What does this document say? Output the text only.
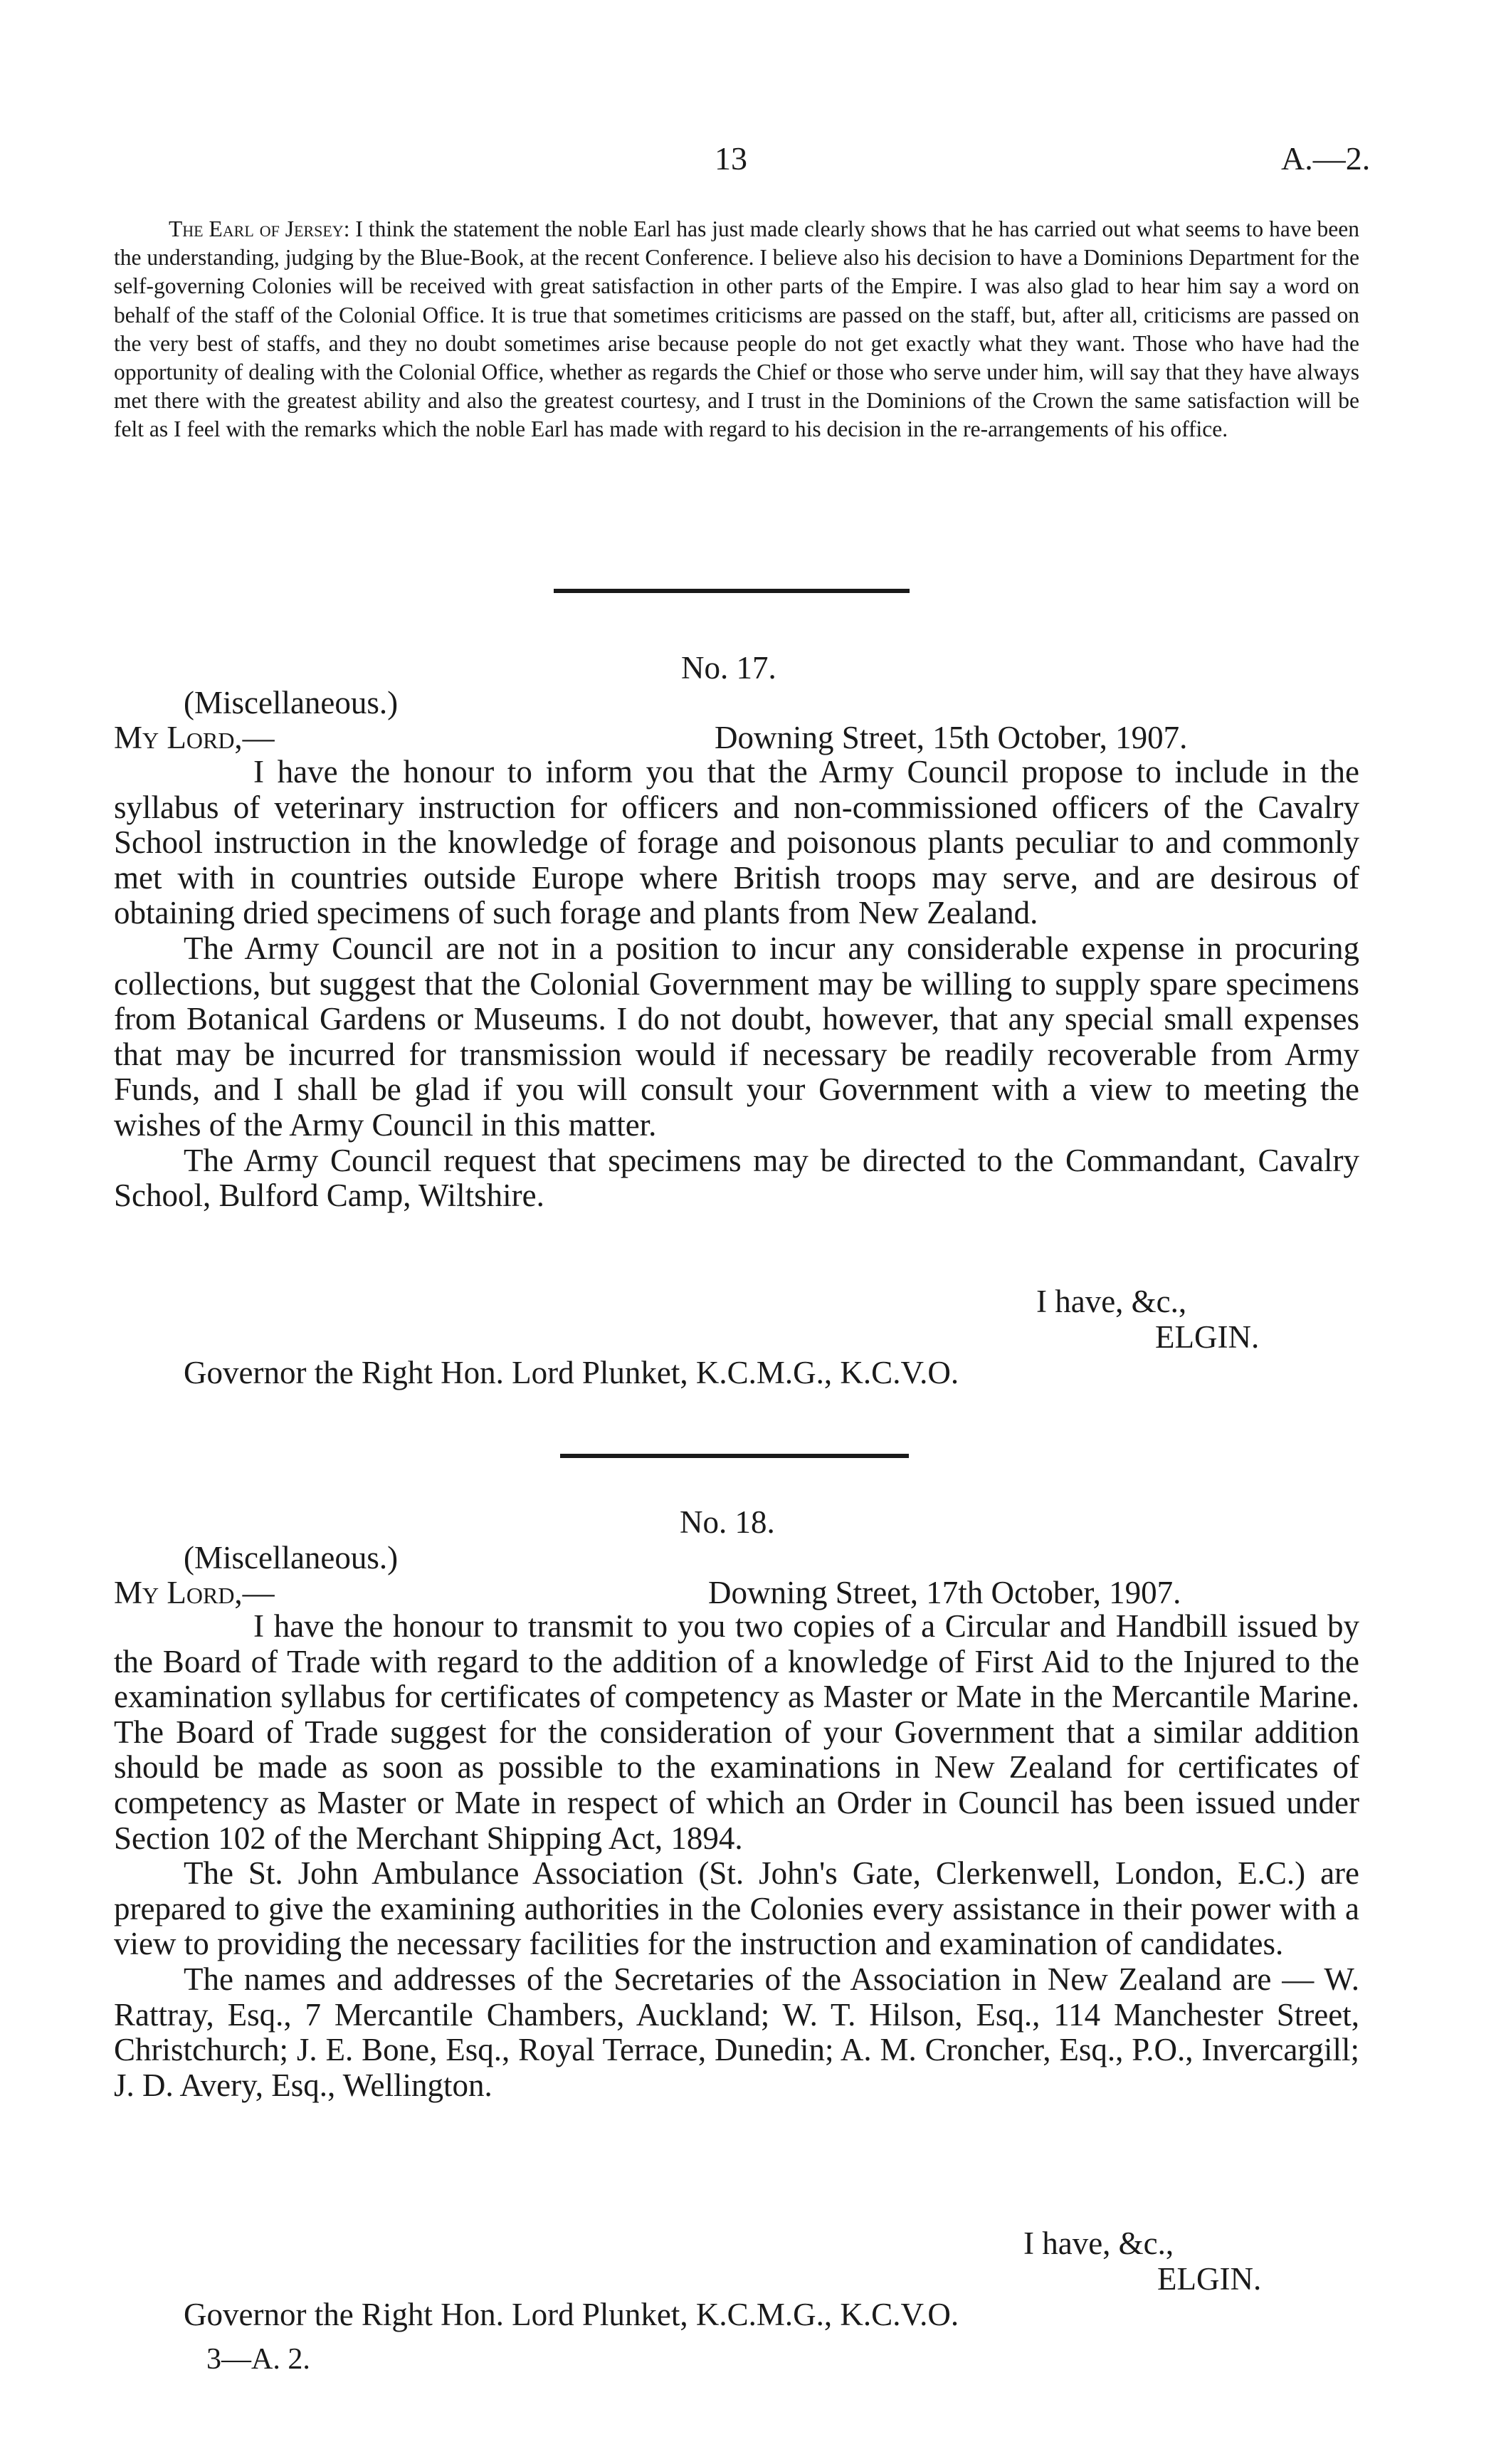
13	A.—2.
The Earl of Jersey: I think the statement the noble Earl has just made clearly shows that he has carried out what seems to have been the understanding, judging by the Blue-Book, at the recent Conference. I believe also his decision to have a Dominions Department for the self-governing Colonies will be received with great satisfaction in other parts of the Empire. I was also glad to hear him say a word on behalf of the staff of the Colonial Office. It is true that sometimes criticisms are passed on the staff, but, after all, criticisms are passed on the very best of staffs, and they no doubt sometimes arise because people do not get exactly what they want. Those who have had the opportunity of dealing with the Colonial Office, whether as regards the Chief or those who serve under him, will say that they have always met there with the greatest ability and also the greatest courtesy, and I trust in the Dominions of the Crown the same satisfaction will be felt as I feel with the remarks which the noble Earl has made with regard to his decision in the re-arrangements of his office.
No. 17.
(Miscellaneous.)
My Lord,—	Downing Street, 15th October, 1907.

I have the honour to inform you that the Army Council propose to include in the syllabus of veterinary instruction for officers and non-commissioned officers of the Cavalry School instruction in the knowledge of forage and poisonous plants peculiar to and commonly met with in countries outside Europe where British troops may serve, and are desirous of obtaining dried specimens of such forage and plants from New Zealand.

The Army Council are not in a position to incur any considerable expense in procuring collections, but suggest that the Colonial Government may be willing to supply spare specimens from Botanical Gardens or Museums. I do not doubt, however, that any special small expenses that may be incurred for transmission would if necessary be readily recoverable from Army Funds, and I shall be glad if you will consult your Government with a view to meeting the wishes of the Army Council in this matter.

The Army Council request that specimens may be directed to the Commandant, Cavalry School, Bulford Camp, Wiltshire.

I have, &c.,
ELGIN.
Governor the Right Hon. Lord Plunket, K.C.M.G., K.C.V.O.
No. 18.
(Miscellaneous.)
My Lord,—	Downing Street, 17th October, 1907.

I have the honour to transmit to you two copies of a Circular and Handbill issued by the Board of Trade with regard to the addition of a knowledge of First Aid to the Injured to the examination syllabus for certificates of competency as Master or Mate in the Mercantile Marine. The Board of Trade suggest for the consideration of your Government that a similar addition should be made as soon as possible to the examinations in New Zealand for certificates of competency as Master or Mate in respect of which an Order in Council has been issued under Section 102 of the Merchant Shipping Act, 1894.

The St. John Ambulance Association (St. John's Gate, Clerkenwell, London, E.C.) are prepared to give the examining authorities in the Colonies every assistance in their power with a view to providing the necessary facilities for the instruction and examination of candidates.

The names and addresses of the Secretaries of the Association in New Zealand are — W. Rattray, Esq., 7 Mercantile Chambers, Auckland; W. T. Hilson, Esq., 114 Manchester Street, Christchurch; J. E. Bone, Esq., Royal Terrace, Dunedin; A. M. Croncher, Esq., P.O., Invercargill; J. D. Avery, Esq., Wellington.

I have, &c.,
ELGIN.
Governor the Right Hon. Lord Plunket, K.C.M.G., K.C.V.O.
3—A. 2.
